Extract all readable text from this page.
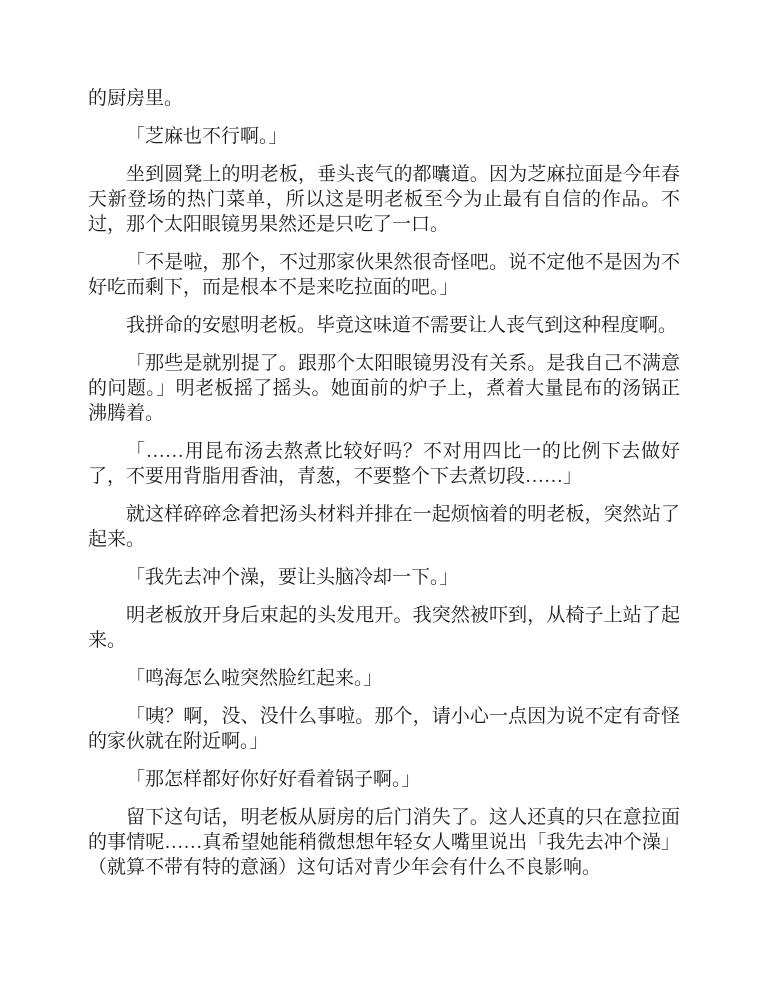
的厨房里。

「芝麻也不行啊。」

坐到圆凳上的明老板，垂头丧气的都囔道。因为芝麻拉面是今年春天新登场的热门菜单，所以这是明老板至今为止最有自信的作品。不过，那个太阳眼镜男果然还是只吃了一口。

「不是啦，那个，不过那家伙果然很奇怪吧。说不定他不是因为不好吃而剩下，而是根本不是来吃拉面的吧。」

我拼命的安慰明老板。毕竟这味道不需要让人丧气到这种程度啊。

「那些是就别提了。跟那个太阳眼镜男没有关系。是我自己不满意的问题。」明老板摇了摇头。她面前的炉子上，煮着大量昆布的汤锅正沸腾着。

「……用昆布汤去熬煮比较好吗？不对用四比一的比例下去做好了，不要用背脂用香油，青葱，不要整个下去煮切段……」

就这样碎碎念着把汤头材料并排在一起烦恼着的明老板，突然站了起来。

「我先去冲个澡，要让头脑冷却一下。」

明老板放开身后束起的头发甩开。我突然被吓到，从椅子上站了起来。

「鸣海怎么啦突然脸红起来。」

「咦？啊，没、没什么事啦。那个，请小心一点因为说不定有奇怪的家伙就在附近啊。」

「那怎样都好你好好看着锅子啊。」

留下这句话，明老板从厨房的后门消失了。这人还真的只在意拉面的事情呢……真希望她能稍微想想年轻女人嘴里说出「我先去冲个澡」（就算不带有特的意涵）这句话对青少年会有什么不良影响。
